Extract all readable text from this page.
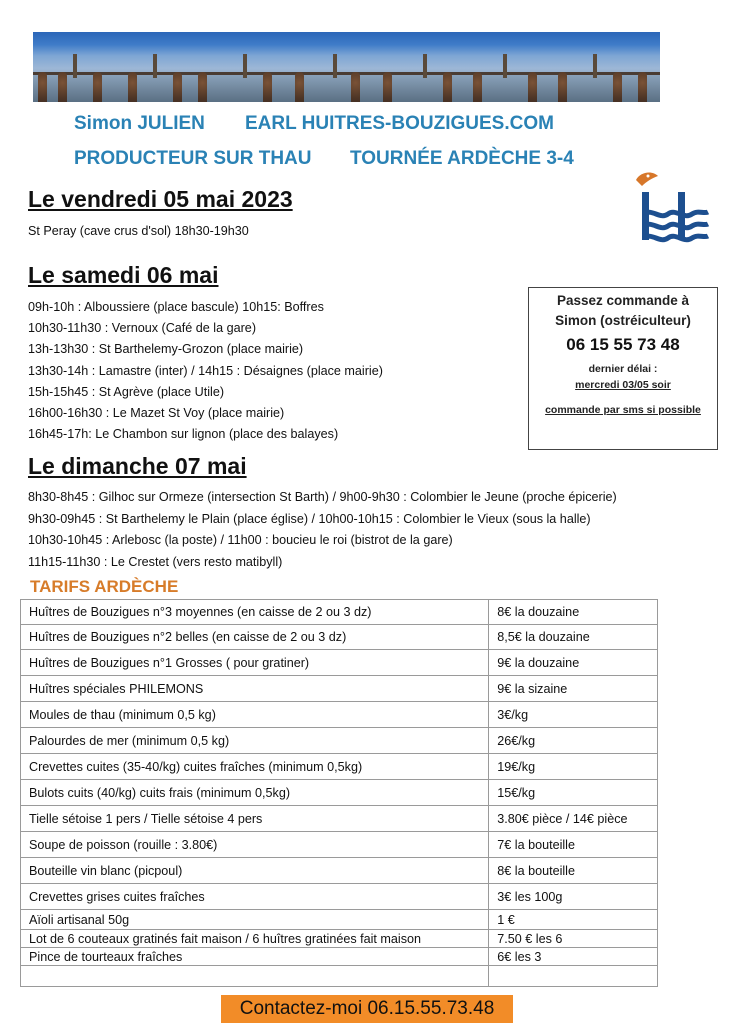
Simon JULIEN EARL HUITRES-BOUZIGUES.COM
PRODUCTEUR SUR THAU TOURNÉE ARDÈCHE 3-4
Le vendredi 05 mai 2023
St Peray (cave crus d'sol) 18h30-19h30
Le samedi 06 mai
09h-10h : Alboussiere (place bascule) 10h15: Boffres
10h30-11h30 : Vernoux (Café de la gare)
13h-13h30 : St Barthelemy-Grozon (place mairie)
13h30-14h : Lamastre (inter) / 14h15 : Désaignes (place mairie)
15h-15h45 : St Agrève (place Utile)
16h00-16h30 : Le Mazet St Voy (place mairie)
16h45-17h: Le Chambon sur lignon (place des balayes)
Passez commande à
Simon (ostréiculteur)
06 15 55 73 48
dernier délai :
mercredi 03/05 soir
commande par sms si possible
Le dimanche 07 mai
8h30-8h45 : Gilhoc sur Ormeze (intersection St Barth) / 9h00-9h30 : Colombier le Jeune (proche épicerie)
9h30-09h45 : St Barthelemy le Plain (place église) / 10h00-10h15 : Colombier le Vieux (sous la halle)
10h30-10h45 : Arlebosc (la poste) / 11h00 : boucieu le roi (bistrot de la gare)
11h15-11h30 : Le Crestet (vers resto matibyll)
TARIFS ARDÈCHE
Huîtres de Bouzigues n°3 moyennes (en caisse de 2 ou 3 dz)	8€ la douzaine
Huîtres de Bouzigues n°2 belles (en caisse de 2 ou 3 dz)	8,5€ la douzaine
Huîtres de Bouzigues n°1 Grosses ( pour gratiner)	9€ la douzaine
Huîtres spéciales PHILEMONS	9€ la sizaine
Moules de thau (minimum 0,5 kg)	3€/kg
Palourdes de mer (minimum 0,5 kg)	26€/kg
Crevettes cuites (35-40/kg) cuites fraîches (minimum 0,5kg)	19€/kg
Bulots cuits (40/kg) cuits frais (minimum 0,5kg)	15€/kg
Tielle sétoise 1 pers / Tielle sétoise 4 pers	3.80€ pièce / 14€ pièce
Soupe de poisson (rouille : 3.80€)	7€ la bouteille
Bouteille vin blanc (picpoul)	8€ la bouteille
Crevettes grises cuites fraîches	3€ les 100g
Aïoli artisanal 50g	1 €
Lot de 6 couteaux gratinés fait maison / 6 huîtres gratinées fait maison	7.50 € les 6
Pince de tourteaux fraîches	6€ les 3

Contactez-moi 06.15.55.73.48
